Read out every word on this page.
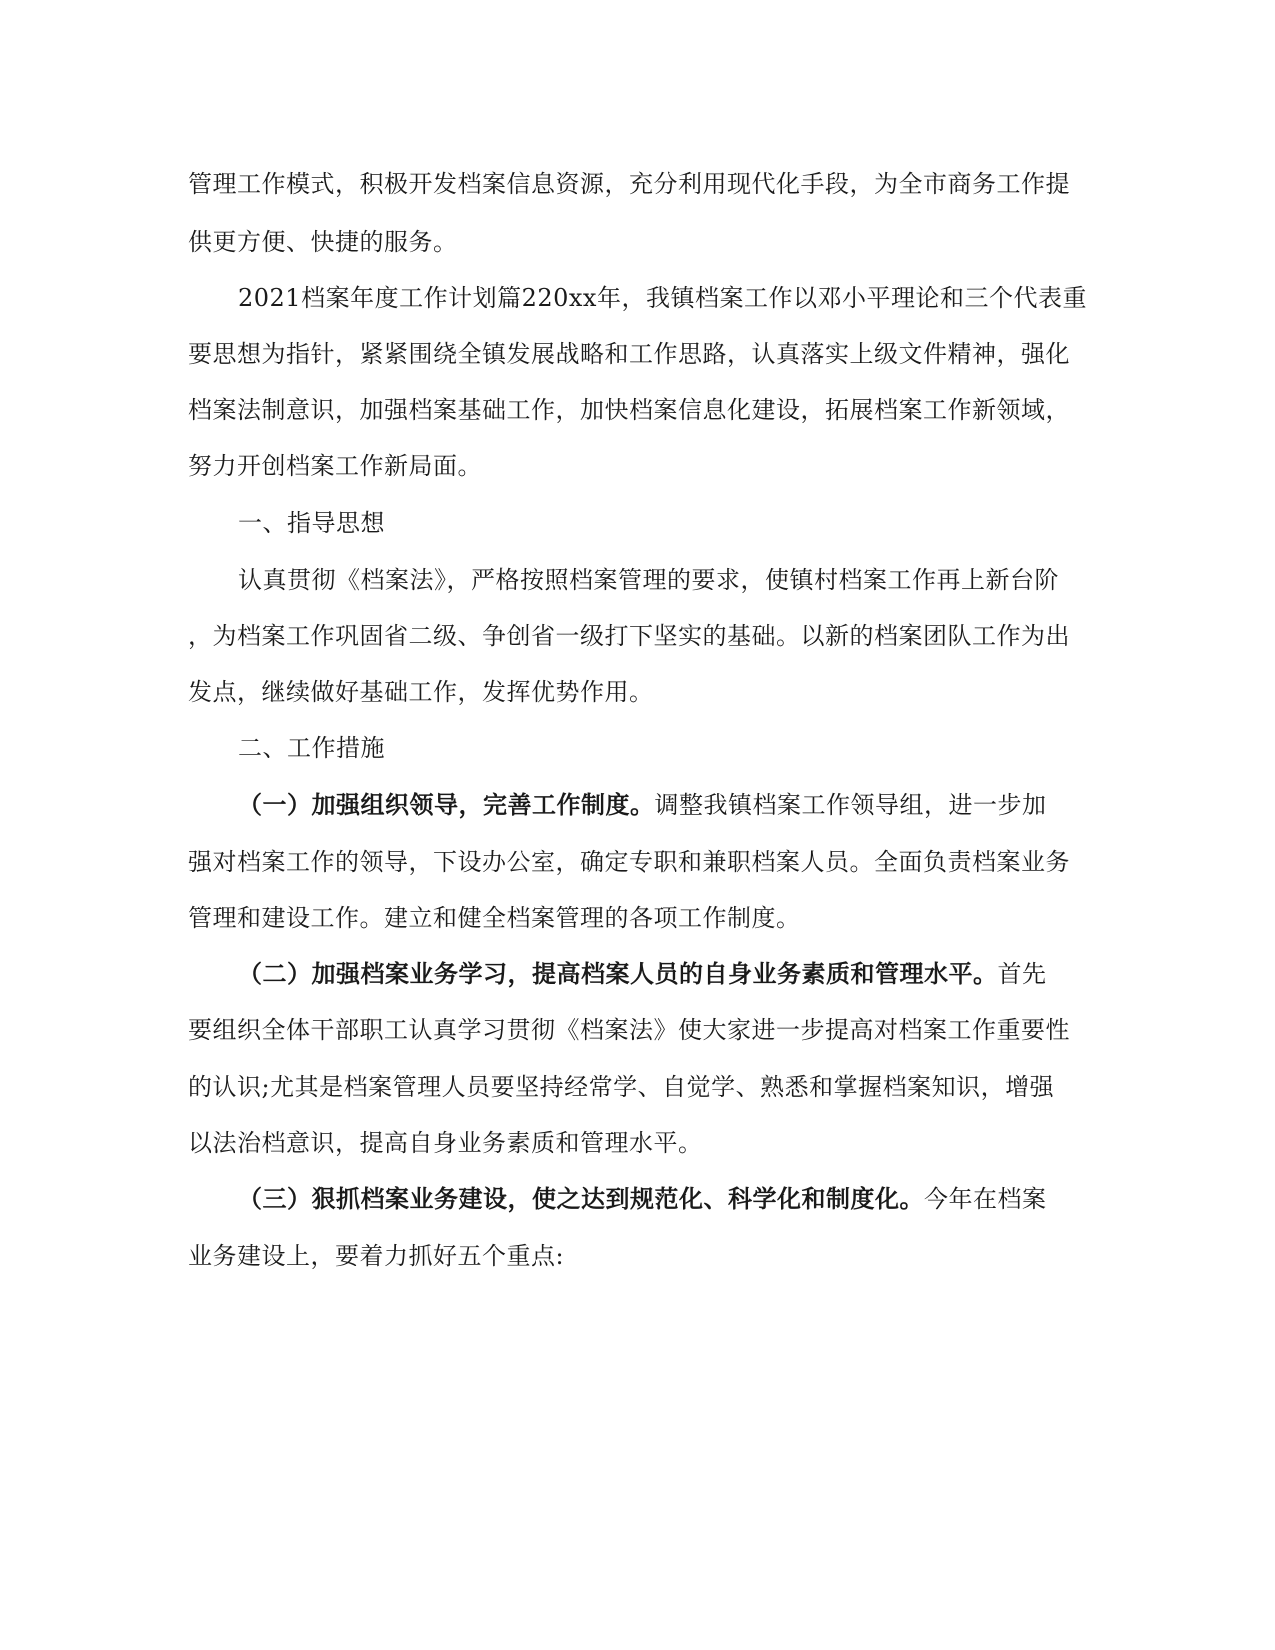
管理工作模式，积极开发档案信息资源，充分利用现代化手段，为全市商务工作提
供更方便、快捷的服务。
2021档案年度工作计划篇220xx年，我镇档案工作以邓小平理论和三个代表重
要思想为指针，紧紧围绕全镇发展战略和工作思路，认真落实上级文件精神，强化
档案法制意识，加强档案基础工作，加快档案信息化建设，拓展档案工作新领域，
努力开创档案工作新局面。
一、指导思想
认真贯彻《档案法》，严格按照档案管理的要求，使镇村档案工作再上新台阶
，为档案工作巩固省二级、争创省一级打下坚实的基础。以新的档案团队工作为出
发点，继续做好基础工作，发挥优势作用。
二、工作措施
（一）加强组织领导，完善工作制度。调整我镇档案工作领导组，进一步加
强对档案工作的领导，下设办公室，确定专职和兼职档案人员。全面负责档案业务
管理和建设工作。建立和健全档案管理的各项工作制度。
（二）加强档案业务学习，提高档案人员的自身业务素质和管理水平。首先
要组织全体干部职工认真学习贯彻《档案法》使大家进一步提高对档案工作重要性
的认识;尤其是档案管理人员要坚持经常学、自觉学、熟悉和掌握档案知识，增强
以法治档意识，提高自身业务素质和管理水平。
（三）狠抓档案业务建设，使之达到规范化、科学化和制度化。今年在档案
业务建设上，要着力抓好五个重点:
